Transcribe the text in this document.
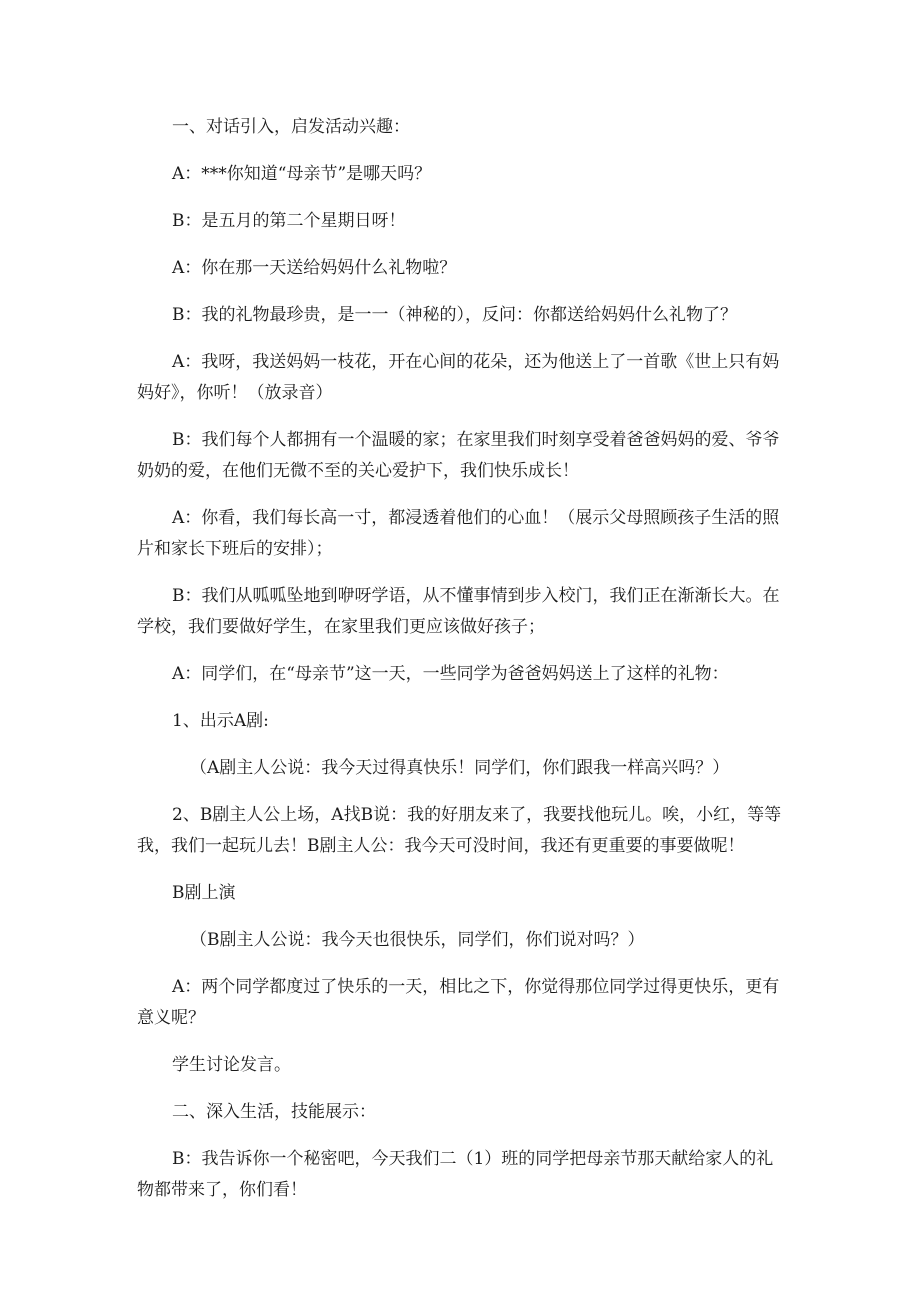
一、对话引入，启发活动兴趣：

A：***你知道“母亲节”是哪天吗？

B：是五月的第二个星期日呀！

A：你在那一天送给妈妈什么礼物啦？

B：我的礼物最珍贵，是一一（神秘的），反问：你都送给妈妈什么礼物了？

A：我呀，我送妈妈一枝花，开在心间的花朵，还为他送上了一首歌《世上只有妈妈好》，你听！（放录音）

B：我们每个人都拥有一个温暖的家；在家里我们时刻享受着爸爸妈妈的爱、爷爷奶奶的爱，在他们无微不至的关心爱护下，我们快乐成长！

A：你看，我们每长高一寸，都浸透着他们的心血！（展示父母照顾孩子生活的照片和家长下班后的安排）；

B：我们从呱呱坠地到咿呀学语，从不懂事情到步入校门，我们正在渐渐长大。在学校，我们要做好学生，在家里我们更应该做好孩子；

A：同学们，在“母亲节”这一天，一些同学为爸爸妈妈送上了这样的礼物：

1、出示A剧:

（A剧主人公说：我今天过得真快乐！同学们，你们跟我一样高兴吗？）

2、B剧主人公上场，A找B说：我的好朋友来了，我要找他玩儿。唉，小红，等等我，我们一起玩儿去！B剧主人公：我今天可没时间，我还有更重要的事要做呢！

B剧上演

（B剧主人公说：我今天也很快乐，同学们，你们说对吗？）

A：两个同学都度过了快乐的一天，相比之下，你觉得那位同学过得更快乐，更有意义呢？

学生讨论发言。

二、深入生活，技能展示：

B：我告诉你一个秘密吧，今天我们二（1）班的同学把母亲节那天献给家人的礼物都带来了，你们看！
